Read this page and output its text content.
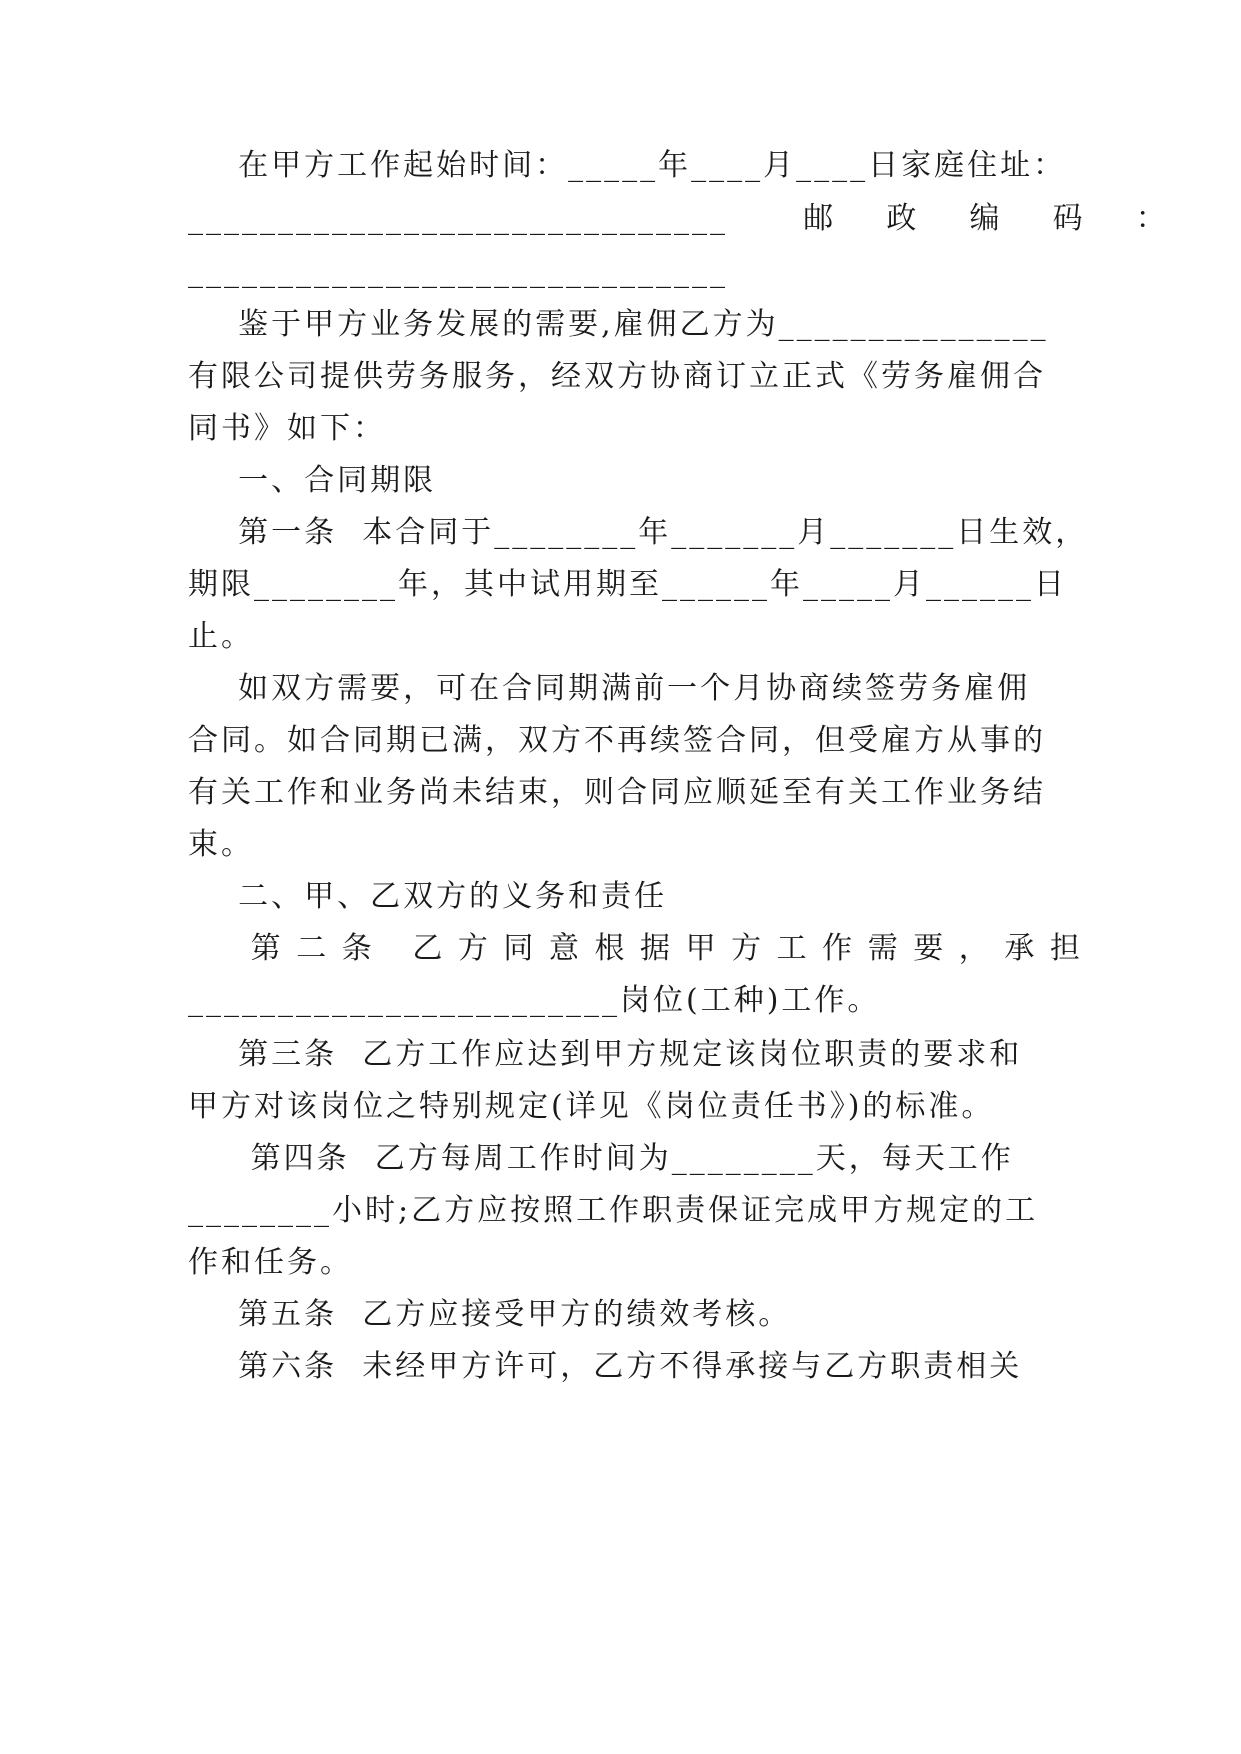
在甲方工作起始时间：_____年____月____日家庭住址：
______________________________      邮    政    编    码    ：
______________________________
鉴于甲方业务发展的需要,雇佣乙方为_______________
有限公司提供劳务服务，经双方协商订立正式《劳务雇佣合
同书》如下：
一、合同期限
第一条  本合同于________年_______月_______日生效，
期限________年，其中试用期至______年_____月______日
止。
如双方需要，可在合同期满前一个月协商续签劳务雇佣
合同。如合同期已满，双方不再续签合同，但受雇方从事的
有关工作和业务尚未结束，则合同应顺延至有关工作业务结
束。
二、甲、乙双方的义务和责任
第 二 条   乙 方 同 意 根 据 甲 方 工 作 需 要 ， 承 担
________________________岗位(工种)工作。
第三条  乙方工作应达到甲方规定该岗位职责的要求和
甲方对该岗位之特别规定(详见《岗位责任书》)的标准。
第四条  乙方每周工作时间为________天，每天工作
________小时;乙方应按照工作职责保证完成甲方规定的工
作和任务。
第五条  乙方应接受甲方的绩效考核。
第六条  未经甲方许可，乙方不得承接与乙方职责相关
